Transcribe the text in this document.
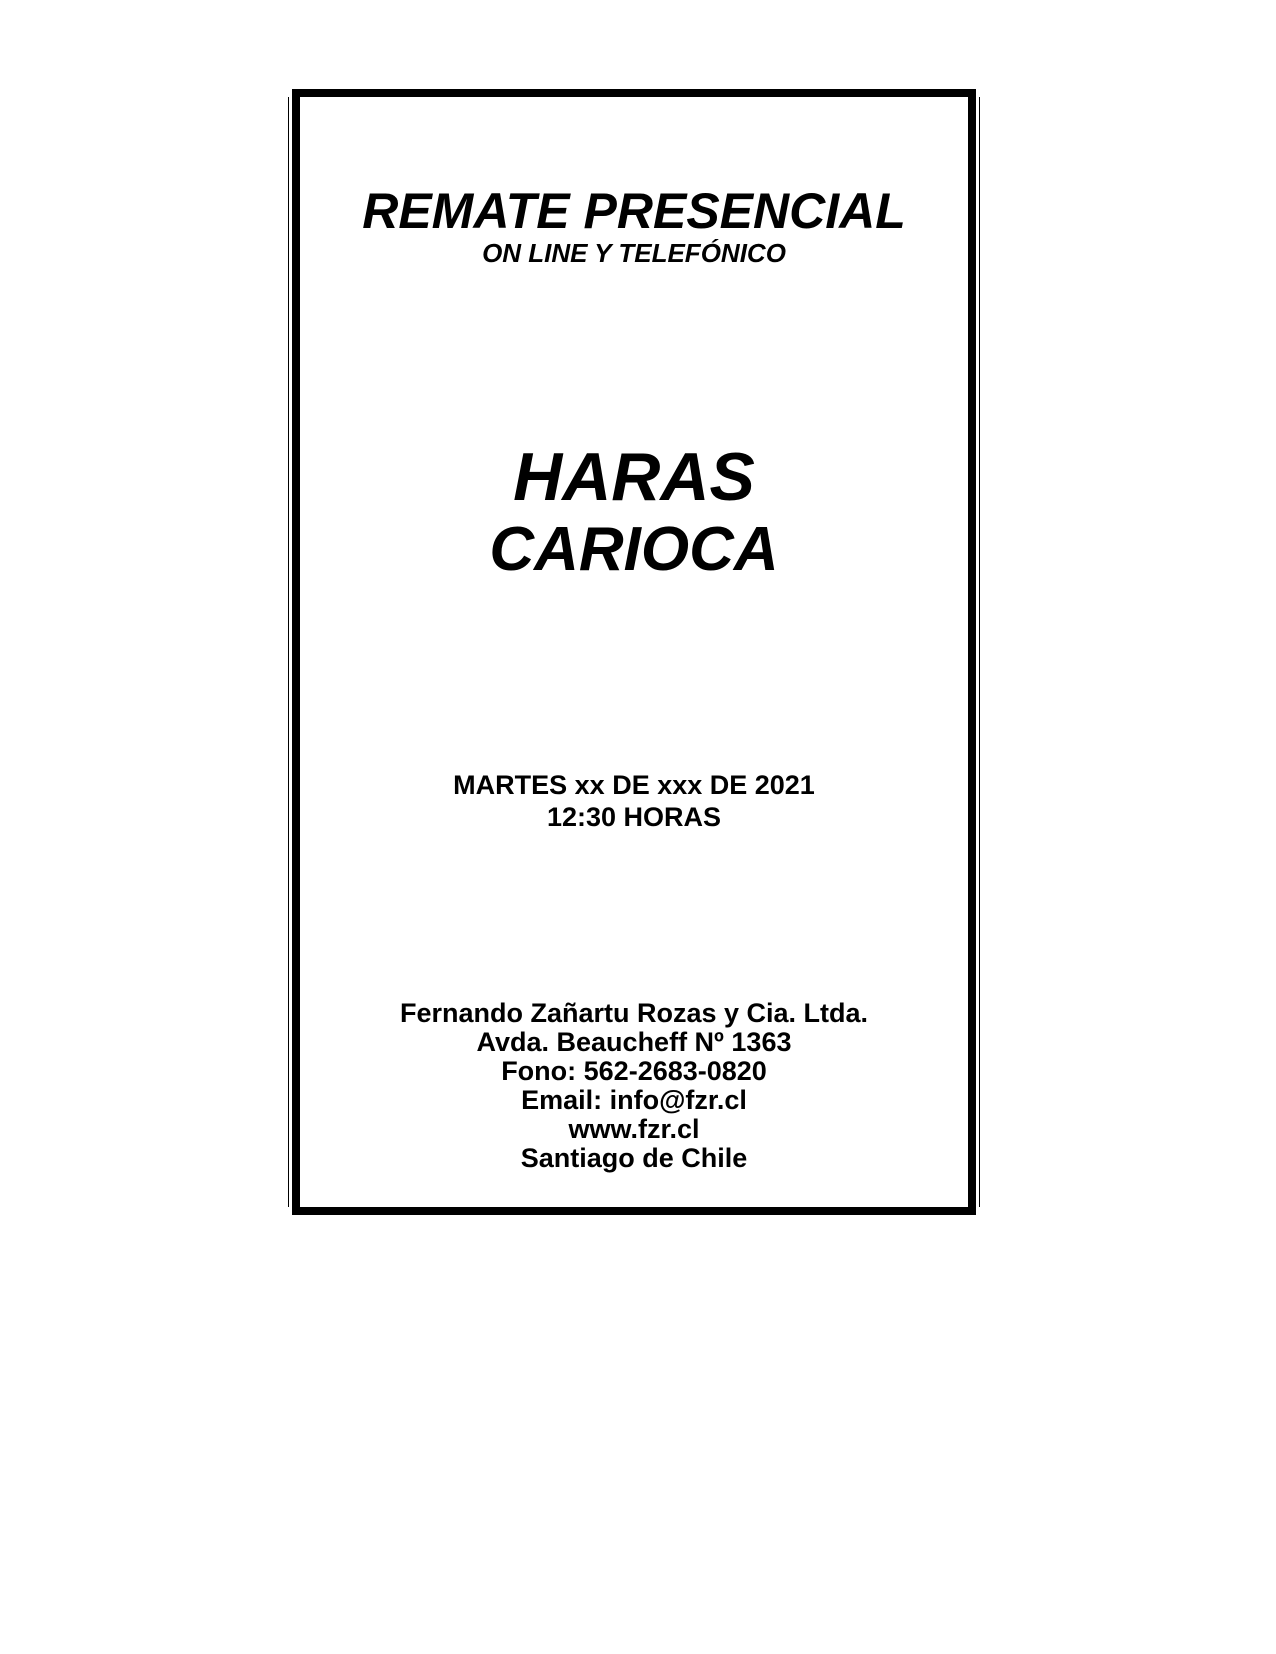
REMATE PRESENCIAL
ON LINE Y TELEFÓNICO
HARAS
CARIOCA
MARTES xx DE xxx DE 2021
12:30 HORAS
Fernando Zañartu Rozas y Cia. Ltda.
Avda. Beaucheff Nº 1363
Fono: 562-2683-0820
Email: info@fzr.cl
www.fzr.cl
Santiago de Chile
